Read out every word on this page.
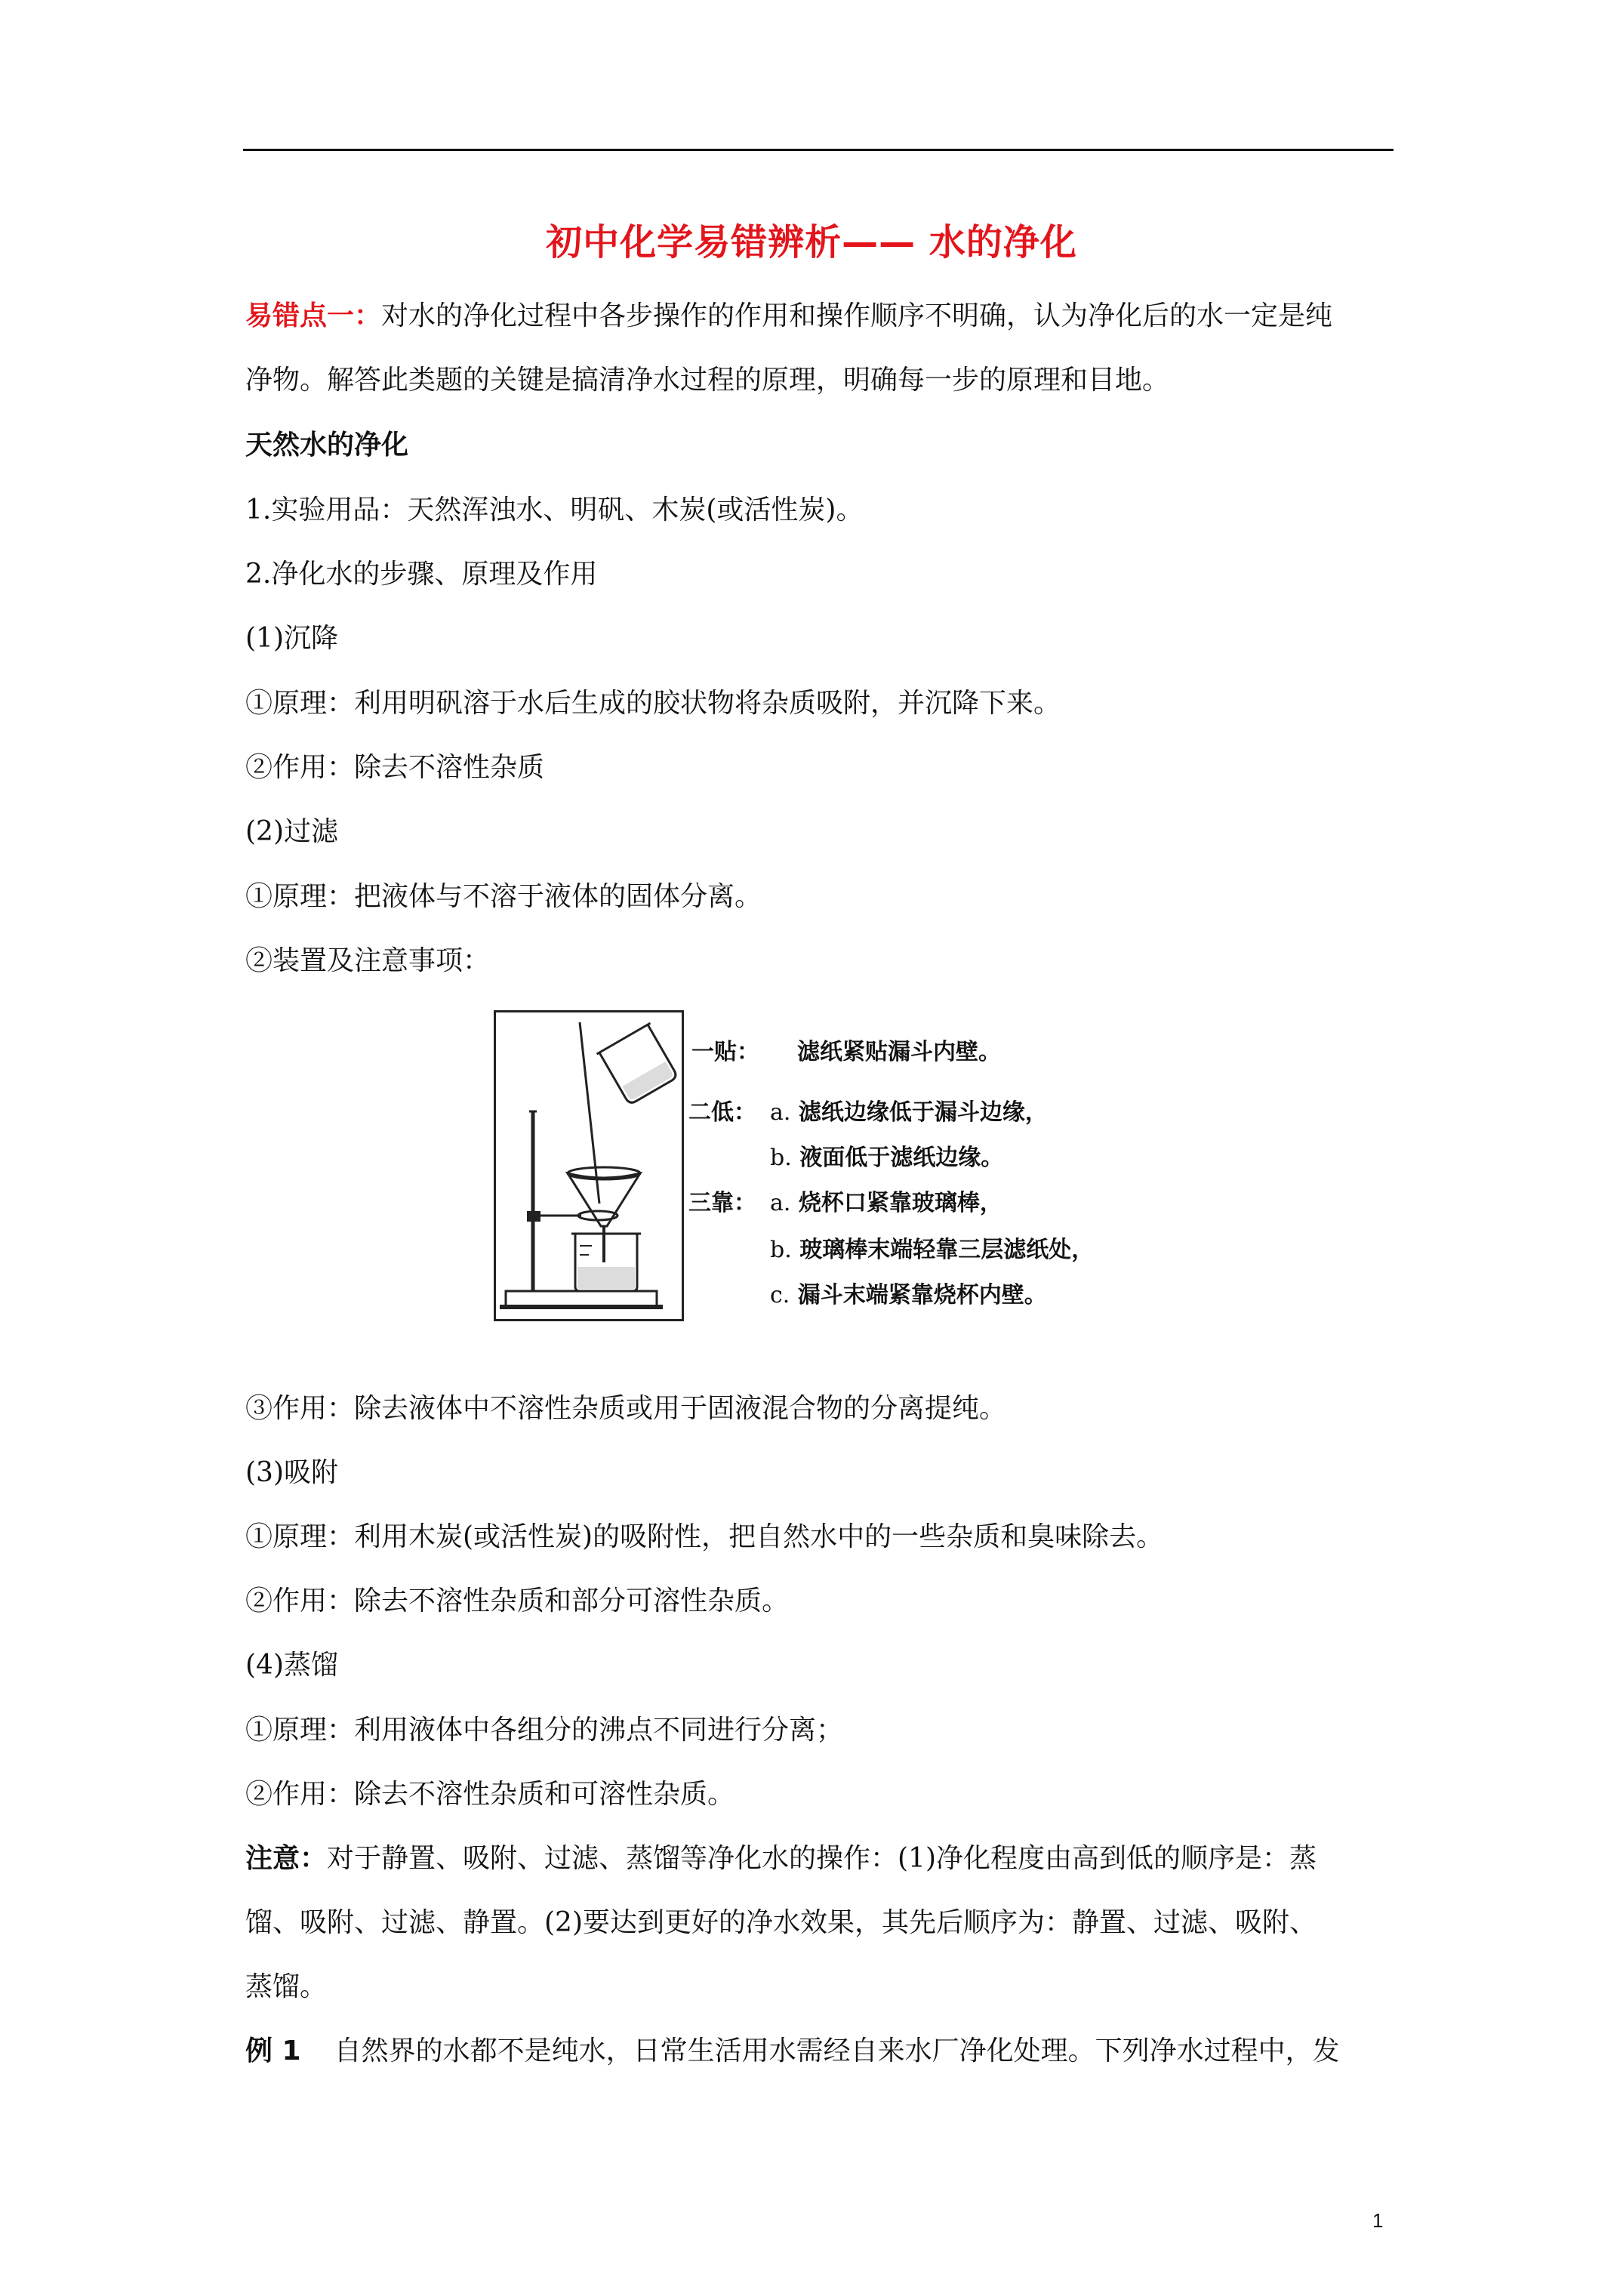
初中化学易错辨析—— 水的净化
易错点一：对水的净化过程中各步操作的作用和操作顺序不明确，认为净化后的水一定是纯
净物。解答此类题的关键是搞清净水过程的原理，明确每一步的原理和目地。
天然水的净化
1.实验用品：天然浑浊水、明矾、木炭(或活性炭)。
2.净化水的步骤、原理及作用
(1)沉降
①原理：利用明矾溶于水后生成的胶状物将杂质吸附，并沉降下来。
②作用：除去不溶性杂质
(2)过滤
①原理：把液体与不溶于液体的固体分离。
②装置及注意事项：
一贴： 滤纸紧贴漏斗内壁。
二低： a. 滤纸边缘低于漏斗边缘，
b. 液面低于滤纸边缘。
三靠： a. 烧杯口紧靠玻璃棒，
b. 玻璃棒末端轻靠三层滤纸处，
c. 漏斗末端紧靠烧杯内壁。
③作用：除去液体中不溶性杂质或用于固液混合物的分离提纯。
(3)吸附
①原理：利用木炭(或活性炭)的吸附性，把自然水中的一些杂质和臭味除去。
②作用：除去不溶性杂质和部分可溶性杂质。
(4)蒸馏
①原理：利用液体中各组分的沸点不同进行分离；
②作用：除去不溶性杂质和可溶性杂质。
注意：对于静置、吸附、过滤、蒸馏等净化水的操作：(1)净化程度由高到低的顺序是：蒸
馏、吸附、过滤、静置。(2)要达到更好的净水效果，其先后顺序为：静置、过滤、吸附、
蒸馏。
例 1 自然界的水都不是纯水，日常生活用水需经自来水厂净化处理。下列净水过程中，发
1
